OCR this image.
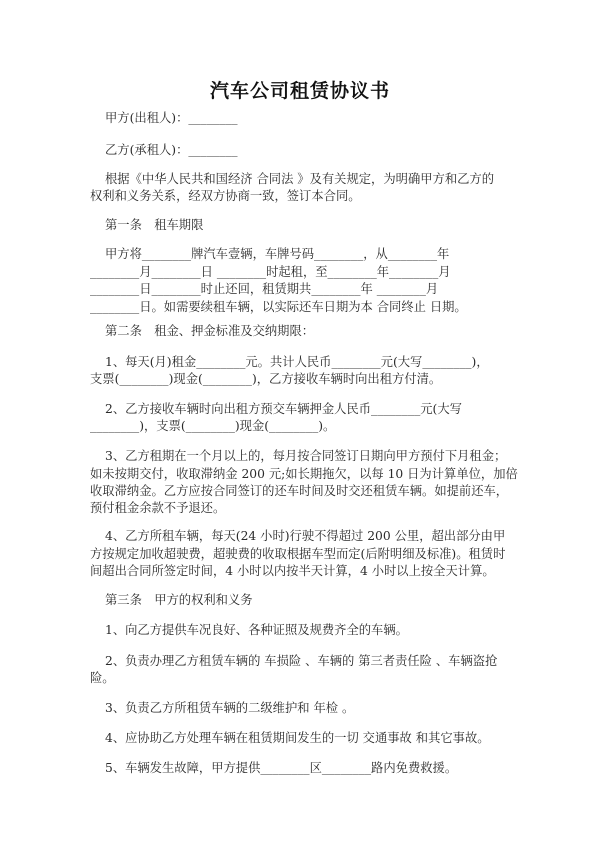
汽车公司租赁协议书
甲方(出租人)：________
乙方(承租人)：________
根据《中华人民共和国经济 合同法 》及有关规定，为明确甲方和乙方的
权利和义务关系，经双方协商一致，签订本合同。
第一条　租车期限
甲方将________牌汽车壹辆，车牌号码________，从________年
________月________日 ________时起租，至________年________月
________日________时止还回，租赁期共________年 ________月
________日。如需要续租车辆，以实际还车日期为本 合同终止 日期。
第二条　租金、押金标准及交纳期限：
1、每天(月)租金________元。共计人民币________元(大写________)，
支票(________)现金(________)，乙方接收车辆时向出租方付清。
2、乙方接收车辆时向出租方预交车辆押金人民币________元(大写
________)，支票(________)现金(________)。
3、乙方租期在一个月以上的，每月按合同签订日期向甲方预付下月租金；
如未按期交付，收取滞纳金 200 元;如长期拖欠，以每 10 日为计算单位，加倍
收取滞纳金。乙方应按合同签订的还车时间及时交还租赁车辆。如提前还车，
预付租金余款不予退还。
4、乙方所租车辆，每天(24 小时)行驶不得超过 200 公里，超出部分由甲
方按规定加收超驶费，超驶费的收取根据车型而定(后附明细及标准)。租赁时
间超出合同所签定时间，4 小时以内按半天计算，4 小时以上按全天计算。
第三条　甲方的权利和义务
1、向乙方提供车况良好、各种证照及规费齐全的车辆。
2、负责办理乙方租赁车辆的 车损险 、车辆的 第三者责任险 、车辆盗抢
险。
3、负责乙方所租赁车辆的二级维护和 年检 。
4、应协助乙方处理车辆在租赁期间发生的一切 交通事故 和其它事故。
5、车辆发生故障，甲方提供________区________路内免费救援。
